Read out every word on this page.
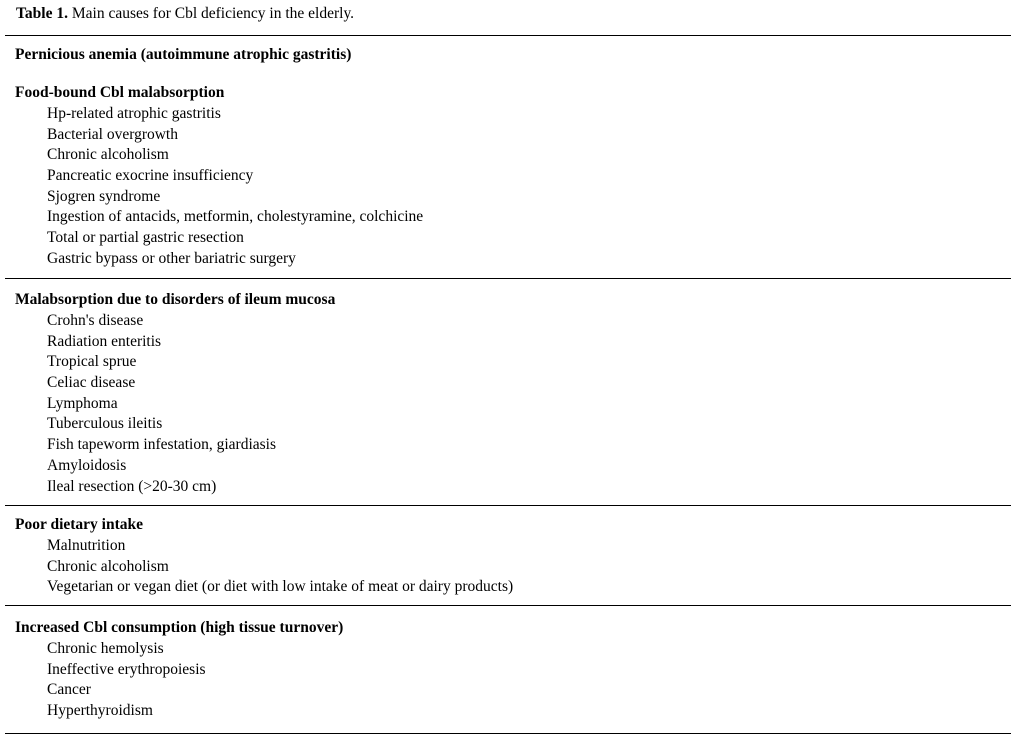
Table 1. Main causes for Cbl deficiency in the elderly.
Pernicious anemia (autoimmune atrophic gastritis)
Food-bound Cbl malabsorption
Hp-related atrophic gastritis
Bacterial overgrowth
Chronic alcoholism
Pancreatic exocrine insufficiency
Sjogren syndrome
Ingestion of antacids, metformin, cholestyramine, colchicine
Total or partial gastric resection
Gastric bypass or other bariatric surgery
Malabsorption due to disorders of ileum mucosa
Crohn's disease
Radiation enteritis
Tropical sprue
Celiac disease
Lymphoma
Tuberculous ileitis
Fish tapeworm infestation, giardiasis
Amyloidosis
Ileal resection (>20-30 cm)
Poor dietary intake
Malnutrition
Chronic alcoholism
Vegetarian or vegan diet (or diet with low intake of meat or dairy products)
Increased Cbl consumption (high tissue turnover)
Chronic hemolysis
Ineffective erythropoiesis
Cancer
Hyperthyroidism
